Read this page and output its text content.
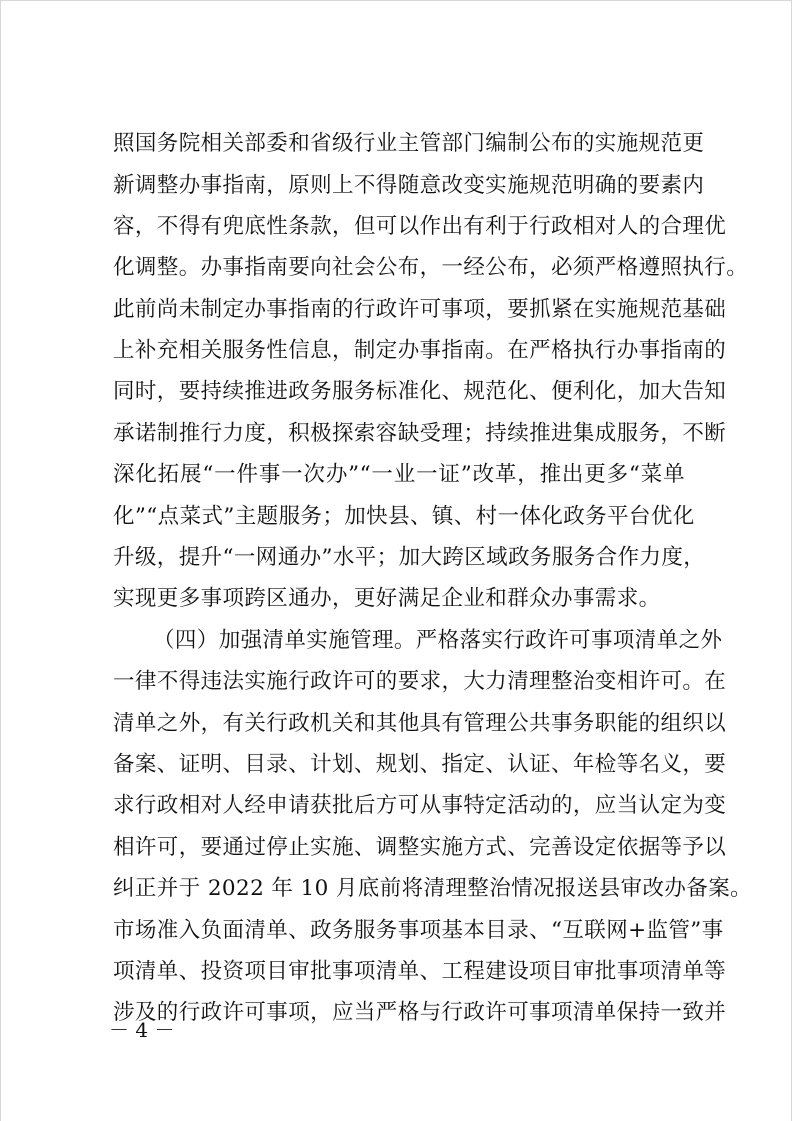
照国务院相关部委和省级行业主管部门编制公布的实施规范更
新调整办事指南，原则上不得随意改变实施规范明确的要素内
容，不得有兜底性条款，但可以作出有利于行政相对人的合理优
化调整。办事指南要向社会公布，一经公布，必须严格遵照执行。
此前尚未制定办事指南的行政许可事项，要抓紧在实施规范基础
上补充相关服务性信息，制定办事指南。在严格执行办事指南的
同时，要持续推进政务服务标准化、规范化、便利化，加大告知
承诺制推行力度，积极探索容缺受理；持续推进集成服务，不断
深化拓展“一件事一次办”“一业一证”改革，推出更多“菜单
化”“点菜式”主题服务；加快县、镇、村一体化政务平台优化
升级，提升“一网通办”水平；加大跨区域政务服务合作力度，
实现更多事项跨区通办，更好满足企业和群众办事需求。
（四）加强清单实施管理。严格落实行政许可事项清单之外
一律不得违法实施行政许可的要求，大力清理整治变相许可。在
清单之外，有关行政机关和其他具有管理公共事务职能的组织以
备案、证明、目录、计划、规划、指定、认证、年检等名义，要
求行政相对人经申请获批后方可从事特定活动的，应当认定为变
相许可，要通过停止实施、调整实施方式、完善设定依据等予以
纠正并于 2022 年 10 月底前将清理整治情况报送县审改办备案。
市场准入负面清单、政务服务事项基本目录、“互联网+监管”事
项清单、投资项目审批事项清单、工程建设项目审批事项清单等
涉及的行政许可事项，应当严格与行政许可事项清单保持一致并
－ 4 －
